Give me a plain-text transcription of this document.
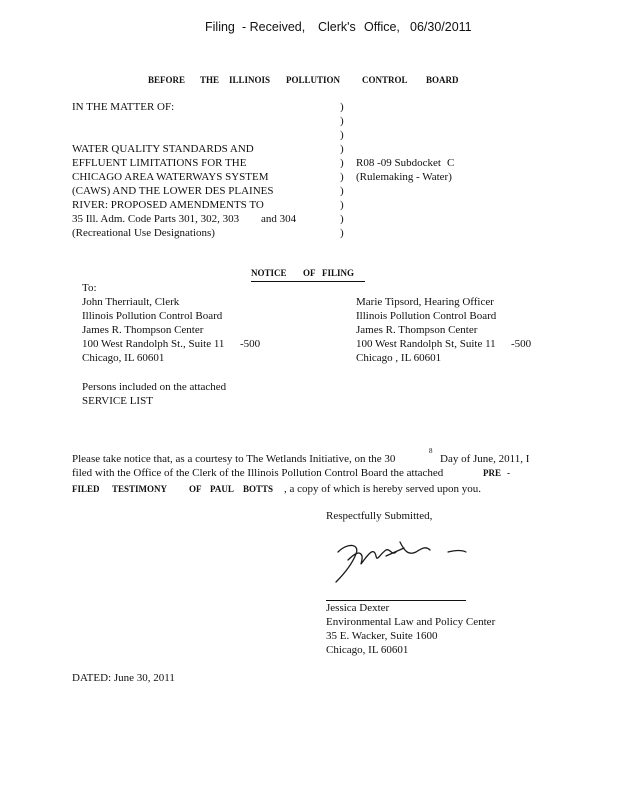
Filing - Received, Clerk's Office, 06/30/2011
BEFORE THE ILLINOIS POLLUTION CONTROL BOARD
IN THE MATTER OF:
WATER QUALITY STANDARDS AND
EFFLUENT LIMITATIONS FOR THE
CHICAGO AREA WATERWAYS SYSTEM
(CAWS) AND THE LOWER DES PLAINES
RIVER: PROPOSED AMENDMENTS TO
35 Ill. Adm. Code Parts 301, 302, 303
(Recreational Use Designations)
and 304
)
)
)
)
)
)
)
)
)
)
R08 -09 Subdocket C
(Rulemaking - Water)
NOTICE OF FILING
To:
John Therriault, Clerk
Illinois Pollution Control Board
James R. Thompson Center
100 West Randolph St., Suite 11
Chicago, IL 60601
-500
Marie Tipsord, Hearing Officer
Illinois Pollution Control Board
James R. Thompson Center
100 West Randolph St, Suite 11
Chicago , IL 60601
-500
Persons included on the attached
SERVICE LIST
Please take notice that, as a courtesy to The Wetlands Initiative, on the 30
8
Day of June, 2011, I
filed with the Office of the Clerk of the Illinois Pollution Control Board the attached	PRE -
FILED TESTIMONY OF PAUL BOTTS , a copy of which is hereby served upon you.
Respectfully Submitted,
Jessica Dexter
Environmental Law and Policy Center
35 E. Wacker, Suite 1600
Chicago, IL 60601
DATED: June 30, 2011
